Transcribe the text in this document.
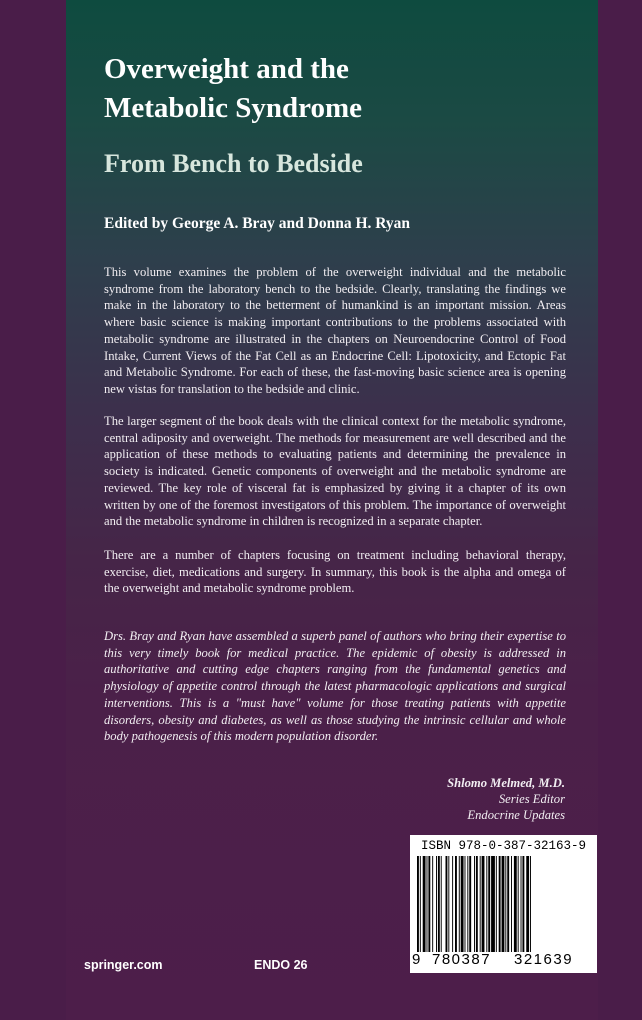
Overweight and the
Metabolic Syndrome
From Bench to Bedside

Edited by George A. Bray and Donna H. Ryan

This volume examines the problem of the overweight individual and the metabolic syndrome from the laboratory bench to the bedside. Clearly, translating the findings we make in the laboratory to the betterment of humankind is an important mission. Areas where basic science is making important contributions to the problems associated with metabolic syndrome are illustrated in the chapters on Neuroendocrine Control of Food Intake, Current Views of the Fat Cell as an Endocrine Cell: Lipotoxicity, and Ectopic Fat and Metabolic Syndrome. For each of these, the fast-moving basic science area is opening new vistas for translation to the bedside and clinic.

The larger segment of the book deals with the clinical context for the metabolic syndrome, central adiposity and overweight. The methods for measurement are well described and the application of these methods to evaluating patients and determining the prevalence in society is indicated. Genetic components of overweight and the metabolic syndrome are reviewed. The key role of visceral fat is emphasized by giving it a chapter of its own written by one of the foremost investigators of this problem. The importance of overweight and the metabolic syndrome in children is recognized in a separate chapter.

There are a number of chapters focusing on treatment including behavioral therapy, exercise, diet, medications and surgery. In summary, this book is the alpha and omega of the overweight and metabolic syndrome problem.

Drs. Bray and Ryan have assembled a superb panel of authors who bring their expertise to this very timely book for medical practice. The epidemic of obesity is addressed in authoritative and cutting edge chapters ranging from the fundamental genetics and physiology of appetite control through the latest pharmacologic applications and surgical interventions. This is a "must have" volume for those treating patients with appetite disorders, obesity and diabetes, as well as those studying the intrinsic cellular and whole body pathogenesis of this modern population disorder.

Shlomo Melmed, M.D.

Series Editor

Endocrine Updates

springer.com	ENDO 26
ISBN 978-0-387-32163-9
9 780387 321639
